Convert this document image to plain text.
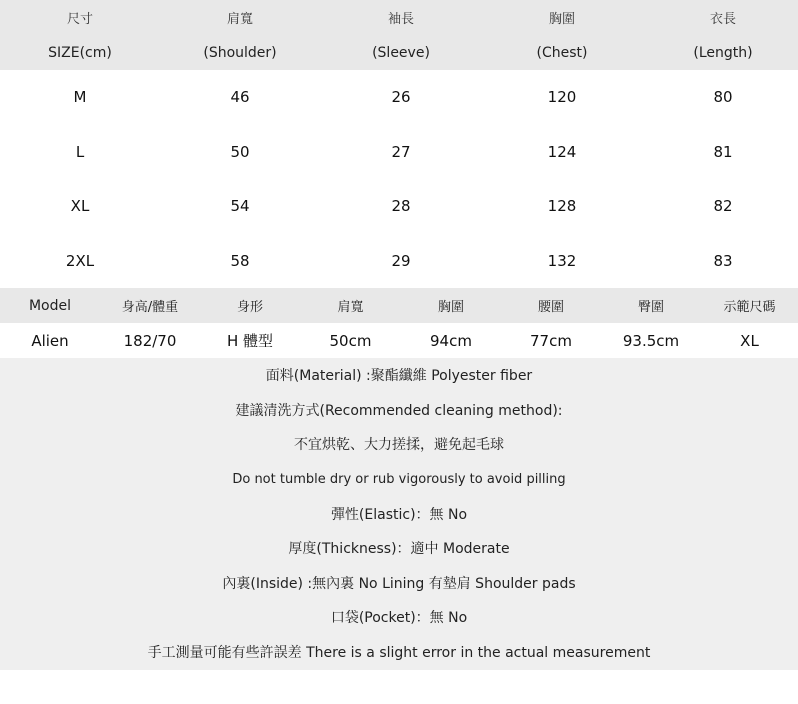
尺寸	肩寬	袖長	胸圍	衣長
SIZE(cm)	(Shoulder)	(Sleeve)	(Chest)	(Length)
M	46	26	120	80
L	50	27	124	81
XL	54	28	128	82
2XL	58	29	132	83
Model	身高/體重	身形	肩寬	胸圍	腰圍	臀圍	示範尺碼
Alien	182/70	H 體型	50cm	94cm	77cm	93.5cm	XL
面料(Material) :聚酯纖維 Polyester fiber
建議清洗方式(Recommended cleaning method):
不宜烘乾、大力搓揉，避免起毛球
Do not tumble dry or rub vigorously to avoid pilling
彈性(Elastic)：無 No
厚度(Thickness)：適中 Moderate
內裏(Inside) :無內裏 No Lining 有墊肩 Shoulder pads
口袋(Pocket)：無 No
手工測量可能有些許誤差 There is a slight error in the actual measurement
